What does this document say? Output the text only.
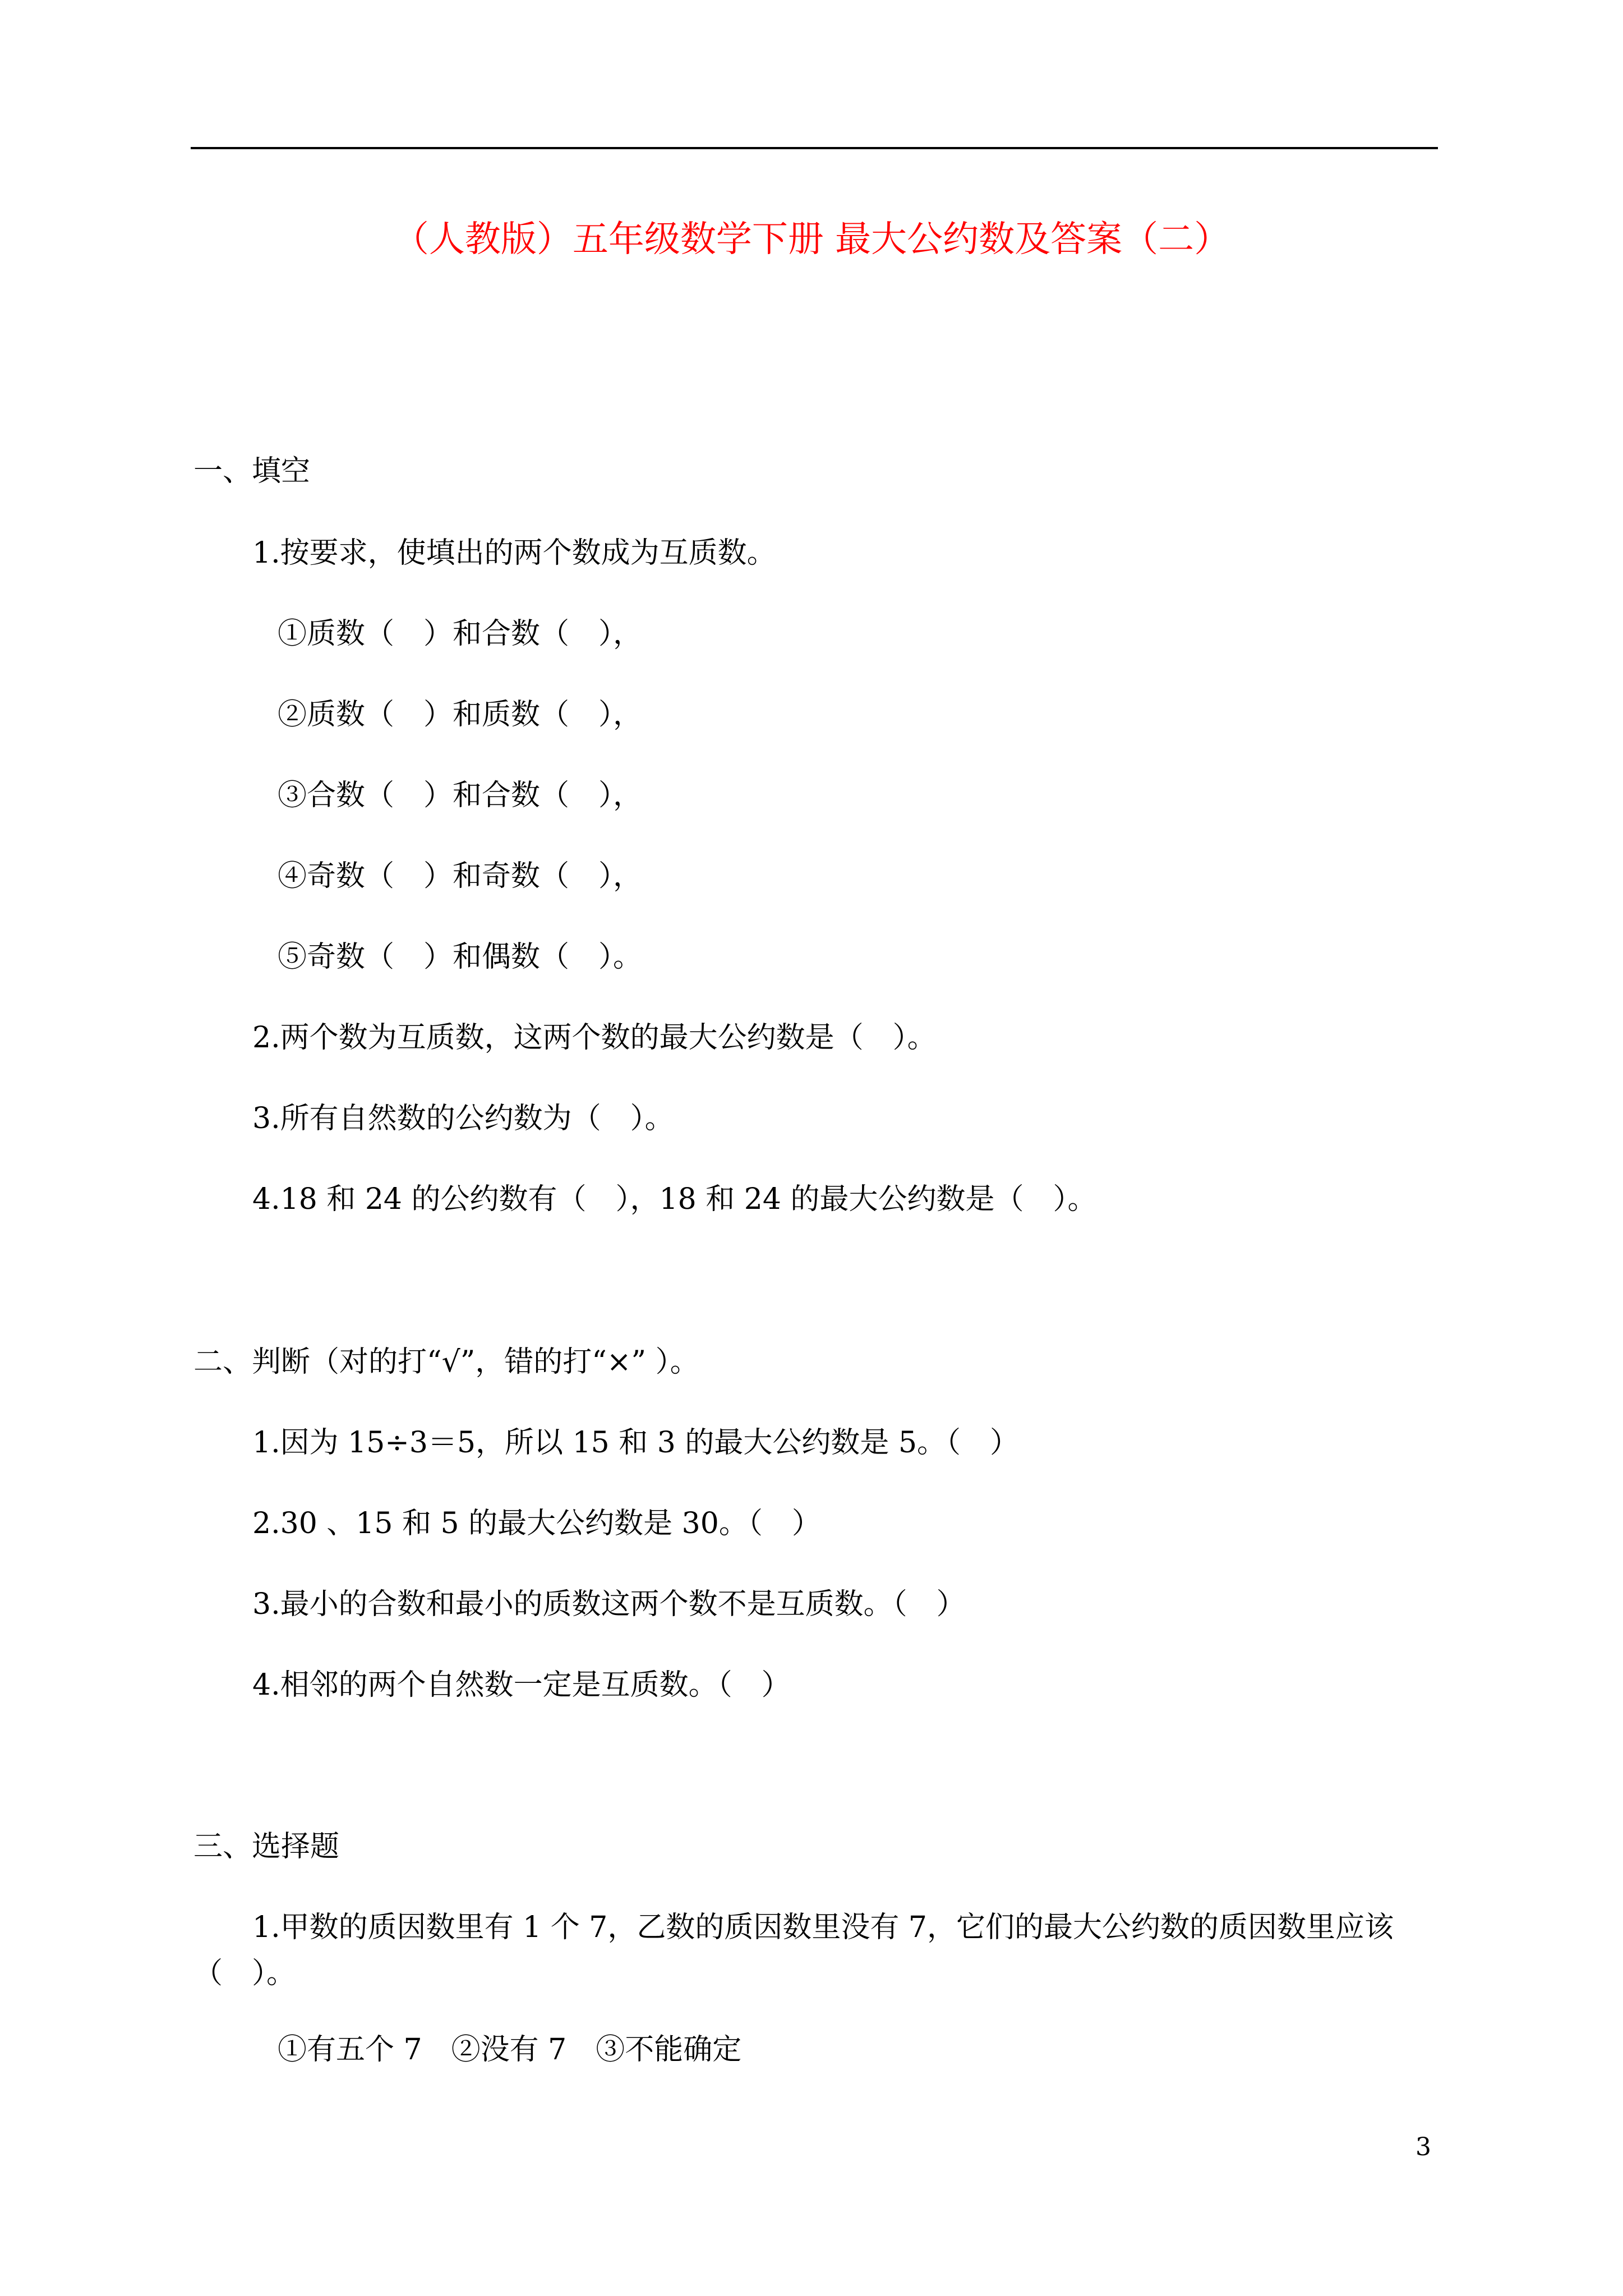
（人教版）五年级数学下册 最大公约数及答案（二）
一、填空
1.按要求，使填出的两个数成为互质数。
①质数（　）和合数（　），
②质数（　）和质数（　），
③合数（　）和合数（　），
④奇数（　）和奇数（　），
⑤奇数（　）和偶数（　）。
2.两个数为互质数，这两个数的最大公约数是（　）。
3.所有自然数的公约数为（　）。
4.18 和 24 的公约数有（　），18 和 24 的最大公约数是（　）。
二、判断（对的打“√”，错的打“×” ）。
1.因为 15÷3＝5，所以 15 和 3 的最大公约数是 5。（　）
2.30 、15 和 5 的最大公约数是 30。（　）
3.最小的合数和最小的质数这两个数不是互质数。（　）
4.相邻的两个自然数一定是互质数。（　）
三、选择题
1.甲数的质因数里有 1 个 7，乙数的质因数里没有 7，它们的最大公约数的质因数里应该
（　）。
①有五个 7　②没有 7　③不能确定
3
